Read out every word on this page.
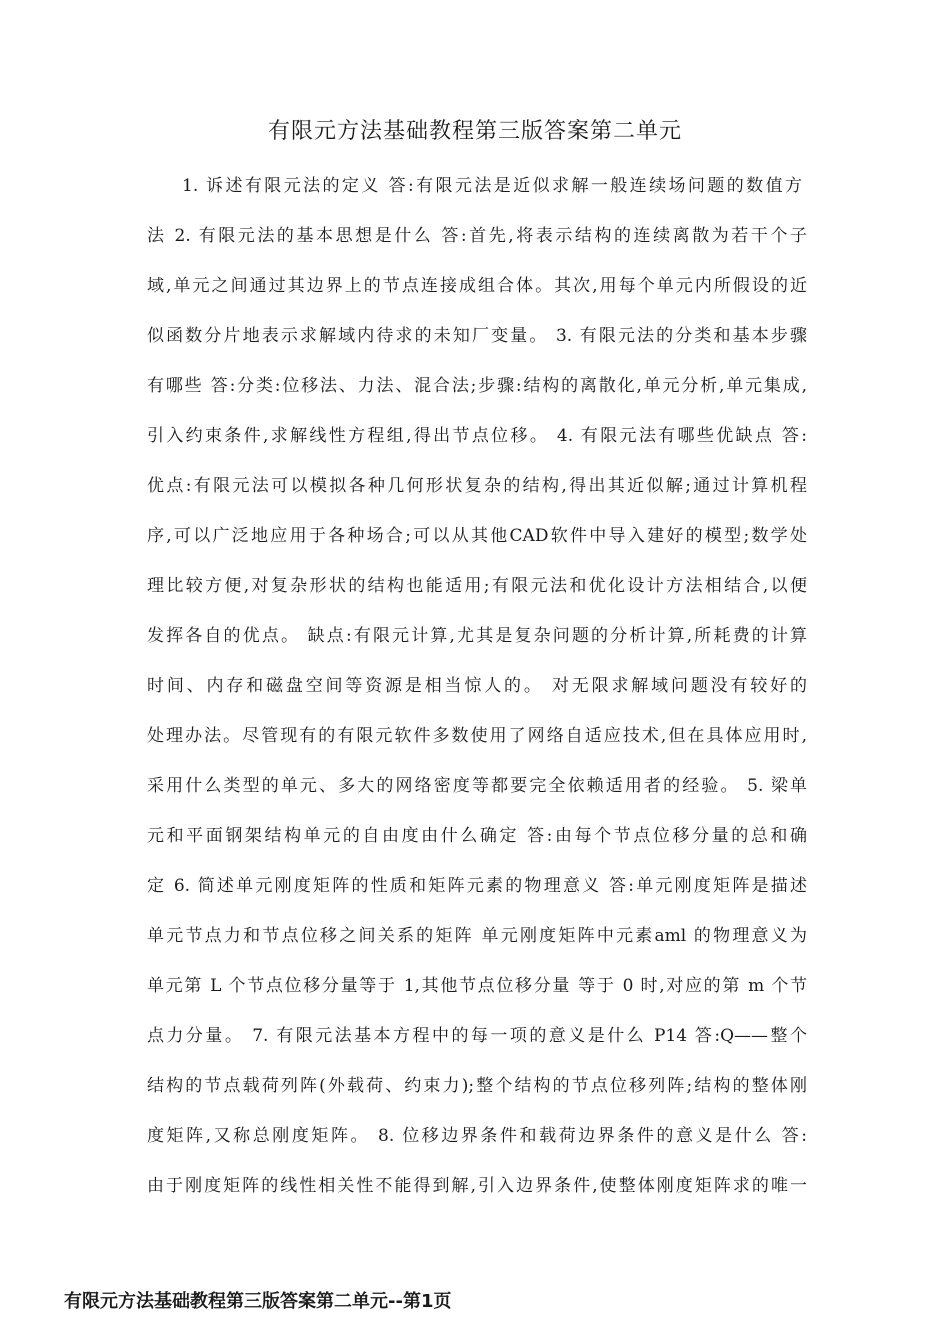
有限元方法基础教程第三版答案第二单元
1. 诉述有限元法的定义 答:有限元法是近似求解一般连续场问题的数值方
法 2. 有限元法的基本思想是什么 答:首先,将表示结构的连续离散为若干个子
域,单元之间通过其边界上的节点连接成组合体。其次,用每个单元内所假设的近
似函数分片地表示求解域内待求的未知厂变量。 3. 有限元法的分类和基本步骤
有哪些 答:分类:位移法、力法、混合法;步骤:结构的离散化,单元分析,单元集成,
引入约束条件,求解线性方程组,得出节点位移。 4. 有限元法有哪些优缺点 答:
优点:有限元法可以模拟各种几何形状复杂的结构,得出其近似解;通过计算机程
序,可以广泛地应用于各种场合;可以从其他CAD软件中导入建好的模型;数学处
理比较方便,对复杂形状的结构也能适用;有限元法和优化设计方法相结合,以便
发挥各自的优点。 缺点:有限元计算,尤其是复杂问题的分析计算,所耗费的计算
时间、内存和磁盘空间等资源是相当惊人的。 对无限求解域问题没有较好的
处理办法。尽管现有的有限元软件多数使用了网络自适应技术,但在具体应用时,
采用什么类型的单元、多大的网络密度等都要完全依赖适用者的经验。 5. 梁单
元和平面钢架结构单元的自由度由什么确定 答:由每个节点位移分量的总和确
定 6. 简述单元刚度矩阵的性质和矩阵元素的物理意义 答:单元刚度矩阵是描述
单元节点力和节点位移之间关系的矩阵 单元刚度矩阵中元素aml 的物理意义为
单元第 L 个节点位移分量等于 1,其他节点位移分量 等于 0 时,对应的第 m 个节
点力分量。 7. 有限元法基本方程中的每一项的意义是什么 P14 答:Q——整个
结构的节点载荷列阵(外载荷、约束力);整个结构的节点位移列阵;结构的整体刚
度矩阵,又称总刚度矩阵。 8. 位移边界条件和载荷边界条件的意义是什么 答:
由于刚度矩阵的线性相关性不能得到解,引入边界条件,使整体刚度矩阵求的唯一
有限元方法基础教程第三版答案第二单元--第1页
